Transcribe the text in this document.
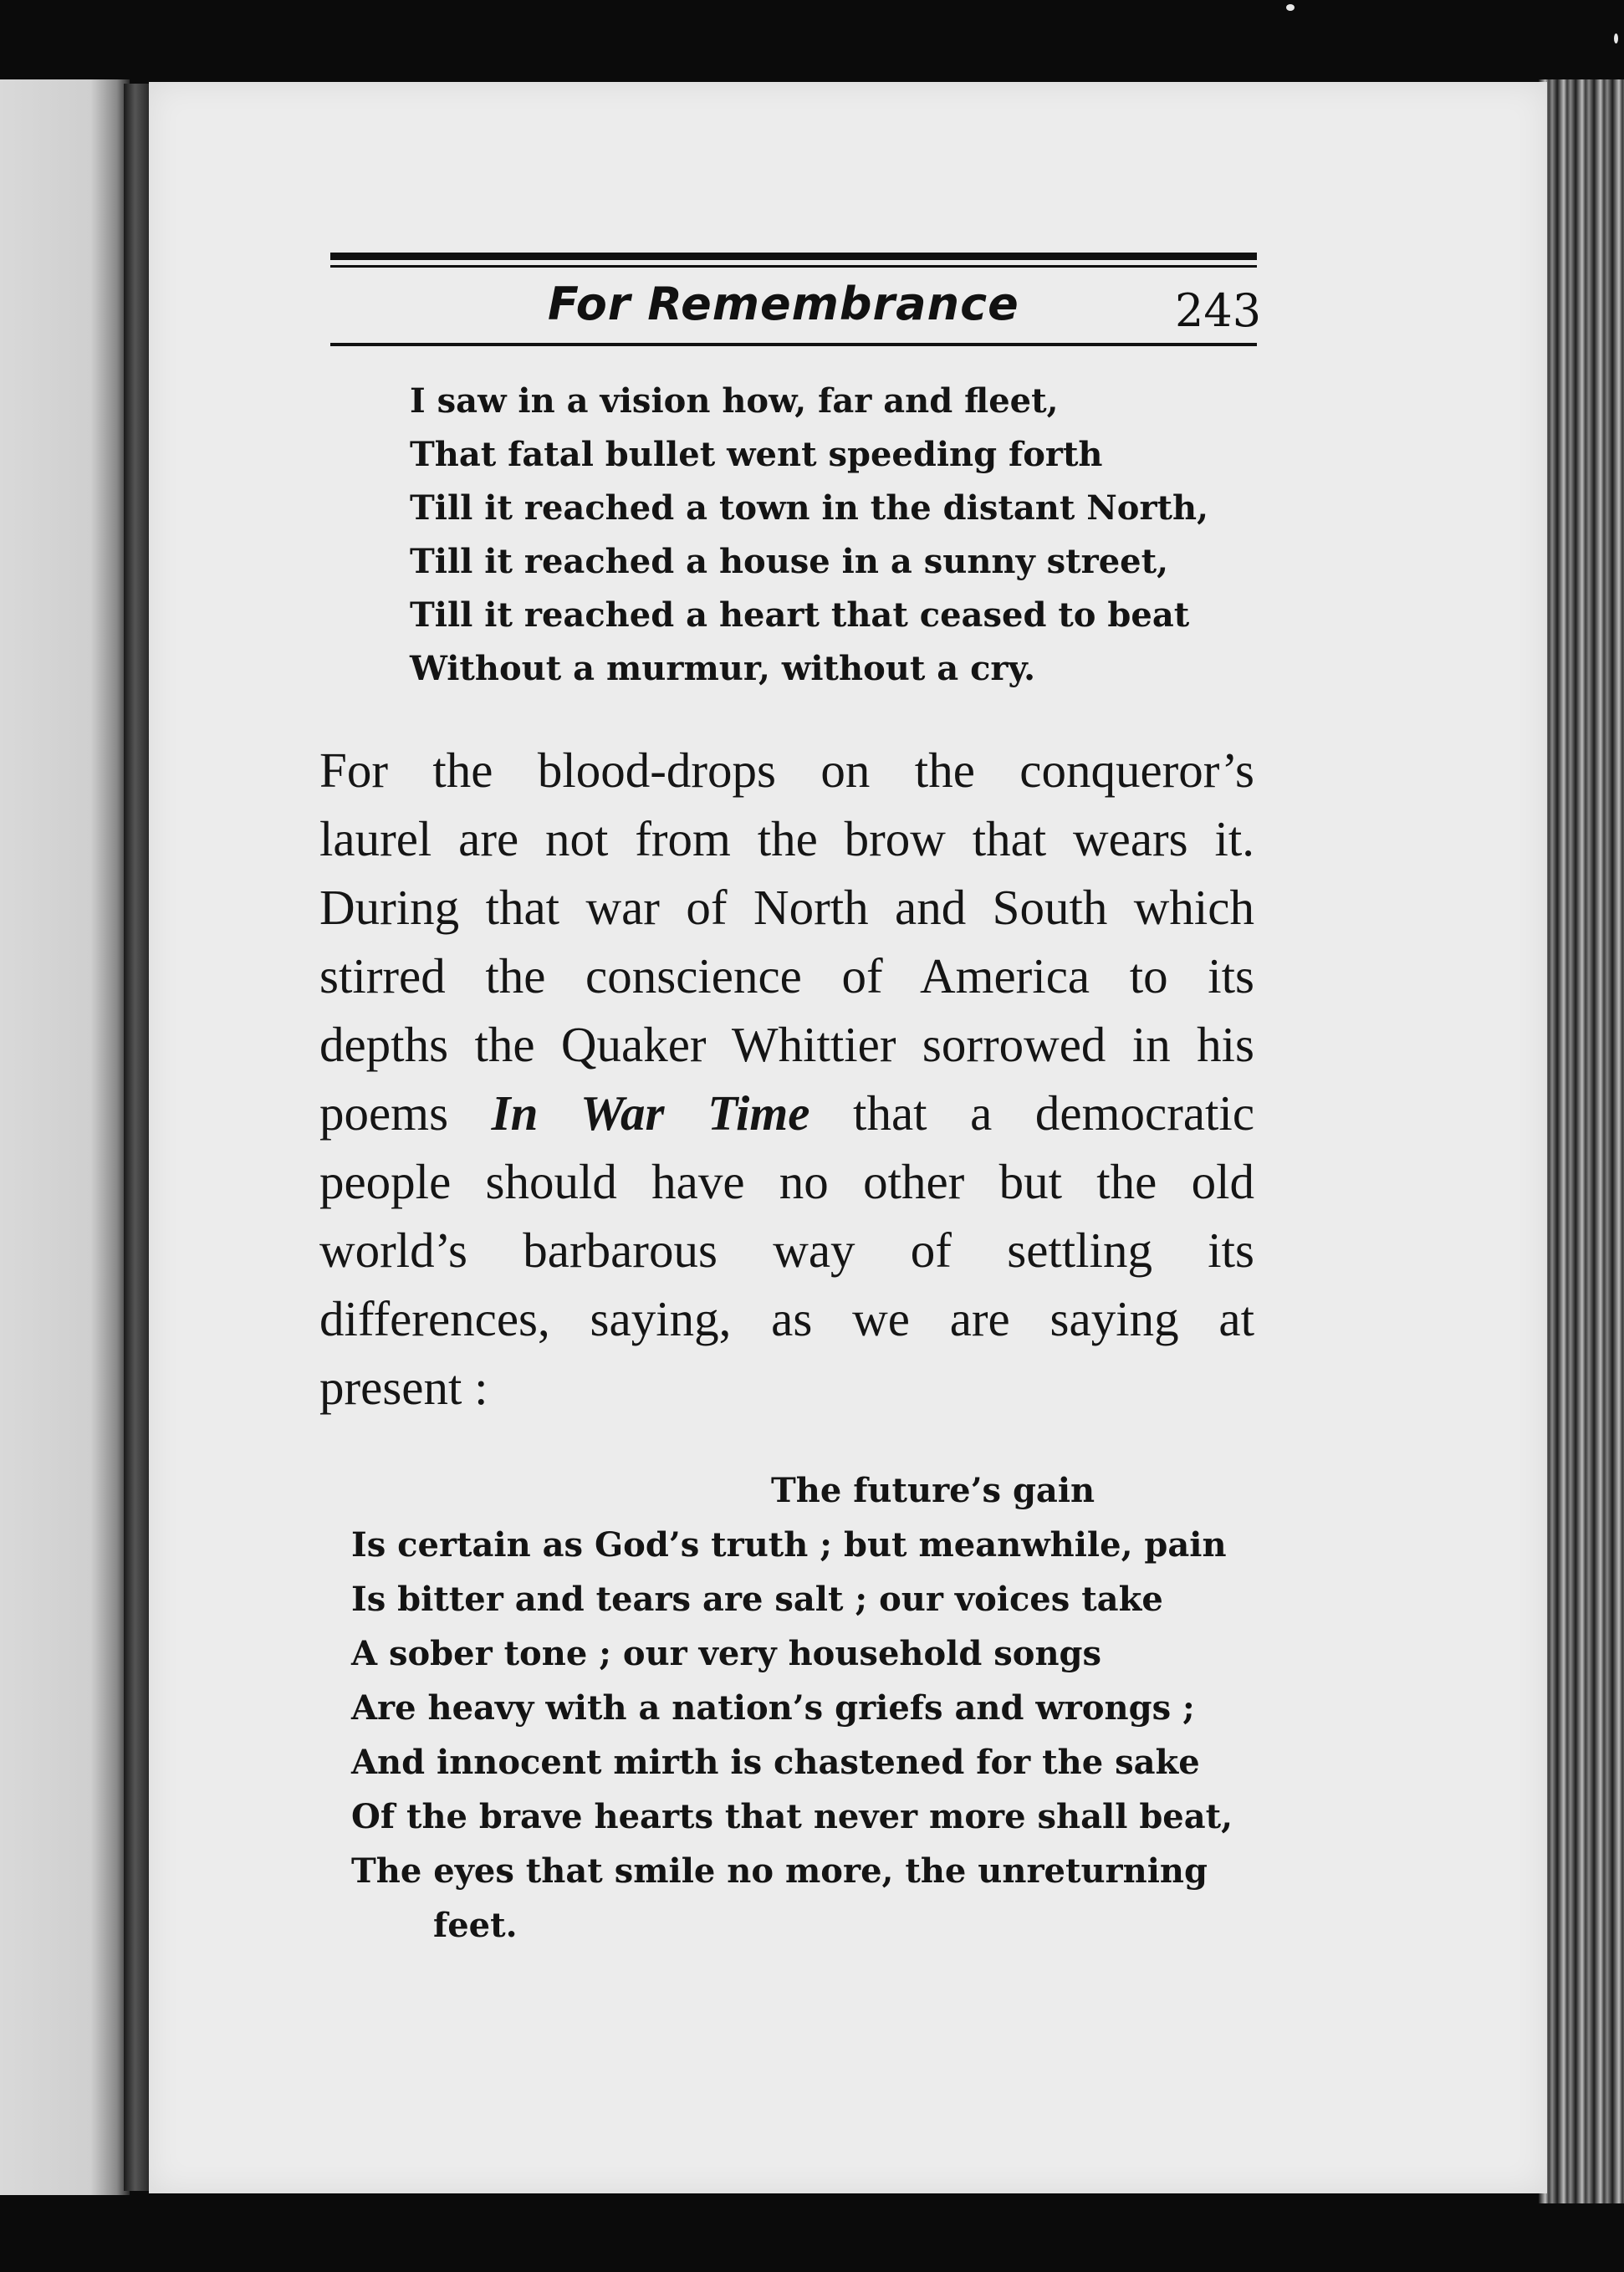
For Remembrance	243
I saw in a vision how, far and fleet,
That fatal bullet went speeding forth
Till it reached a town in the distant North,
Till it reached a house in a sunny street,
Till it reached a heart that ceased to beat
Without a murmur, without a cry.
For the blood-drops on the conqueror’s
laurel are not from the brow that wears it.
During that war of North and South which
stirred the conscience of America to its
depths the Quaker Whittier sorrowed in his
poems In War Time that a democratic
people should have no other but the old
world’s barbarous way of settling its
differences, saying, as we are saying at
present :
The future’s gain
Is certain as God’s truth ; but meanwhile, pain
Is bitter and tears are salt ; our voices take
A sober tone ; our very household songs
Are heavy with a nation’s griefs and wrongs ;
And innocent mirth is chastened for the sake
Of the brave hearts that never more shall beat,
The eyes that smile no more, the unreturning
feet.
